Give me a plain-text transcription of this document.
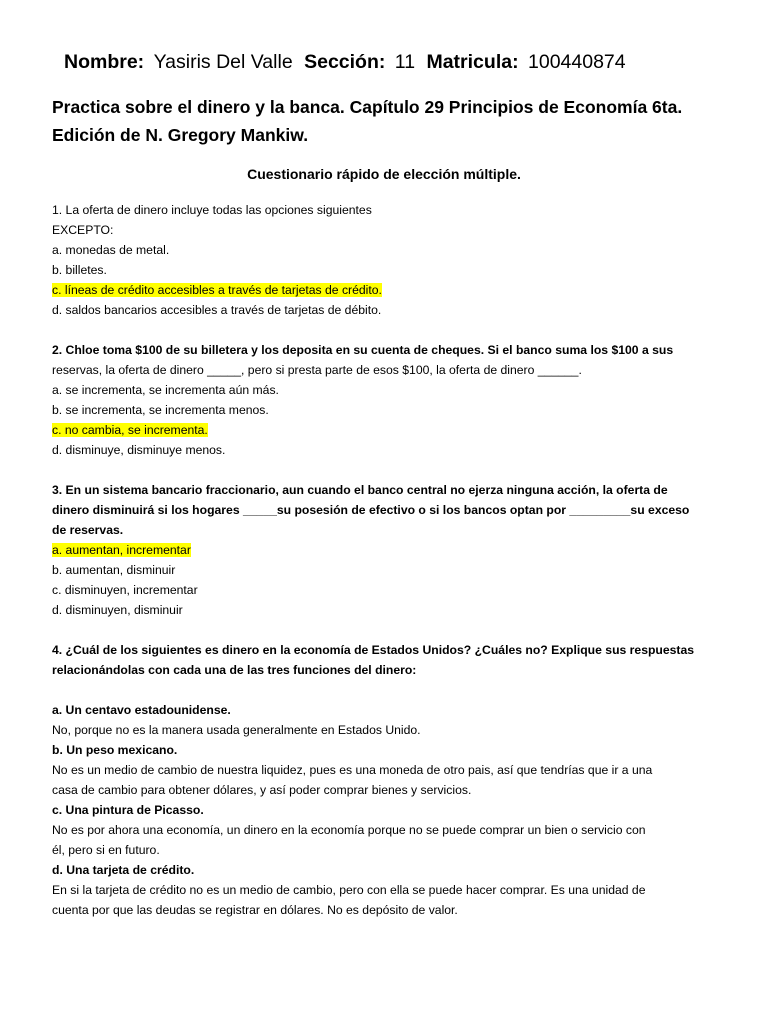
Nombre: Yasiris Del Valle Sección: 11 Matricula: 100440874
Practica sobre el dinero y la banca. Capítulo 29 Principios de Economía 6ta.
Edición de N. Gregory Mankiw.
Cuestionario rápido de elección múltiple.
1. La oferta de dinero incluye todas las opciones siguientes
EXCEPTO:
a. monedas de metal.
b. billetes.
c. líneas de crédito accesibles a través de tarjetas de crédito.
d. saldos bancarios accesibles a través de tarjetas de débito.
2. Chloe toma $100 de su billetera y los deposita en su cuenta de cheques. Si el banco suma los $100 a sus
reservas, la oferta de dinero _____, pero si presta parte de esos $100, la oferta de dinero ______.
a. se incrementa, se incrementa aún más.
b. se incrementa, se incrementa menos.
c. no cambia, se incrementa.
d. disminuye, disminuye menos.
3. En un sistema bancario fraccionario, aun cuando el banco central no ejerza ninguna acción, la oferta de
dinero disminuirá si los hogares _____su posesión de efectivo o si los bancos optan por _________su exceso
de reservas.
a. aumentan, incrementar
b. aumentan, disminuir
c. disminuyen, incrementar
d. disminuyen, disminuir
4. ¿Cuál de los siguientes es dinero en la economía de Estados Unidos? ¿Cuáles no? Explique sus respuestas
relacionándolas con cada una de las tres funciones del dinero:
a. Un centavo estadounidense.
No, porque no es la manera usada generalmente en Estados Unido.
b. Un peso mexicano.
No es un medio de cambio de nuestra liquidez, pues es una moneda de otro pais, así que tendrías que ir a una
casa de cambio para obtener dólares, y así poder comprar bienes y servicios.
c. Una pintura de Picasso.
No es por ahora una economía, un dinero en la economía porque no se puede comprar un bien o servicio con
él, pero si en futuro.
d. Una tarjeta de crédito.
En si la tarjeta de crédito no es un medio de cambio, pero con ella se puede hacer comprar. Es una unidad de
cuenta por que las deudas se registrar en dólares. No es depósito de valor.
